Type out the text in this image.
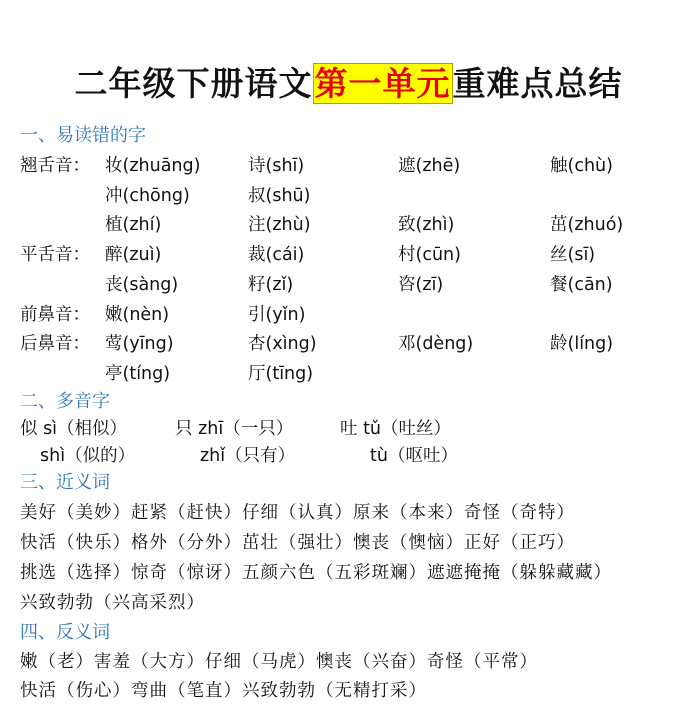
二年级下册语文第一单元重难点总结
一、易读错的字
翘舌音： 妆(zhuāng)	诗(shī)	遮(zhē)	触(chù)
冲(chōng)	叔(shū)
植(zhí)	注(zhù)	致(zhì)	茁(zhuó)
平舌音： 醉(zuì)	裁(cái)	村(cūn)	丝(sī)
丧(sàng)	籽(zǐ)	咨(zī)	餐(cān)
前鼻音： 嫩(nèn)	引(yǐn)
后鼻音： 莺(yīng)	杏(xìng)	邓(dèng)	龄(líng)
亭(tíng)	厅(tīng)
二、多音字
似 sì（相似）	只 zhī（一只）	吐 tǔ（吐丝）
shì（似的）	zhǐ（只有）	tù（呕吐）
三、近义词
美好（美妙）赶紧（赶快）仔细（认真）原来（本来）奇怪（奇特）
快活（快乐）格外（分外）茁壮（强壮）懊丧（懊恼）正好（正巧）
挑选（选择）惊奇（惊讶）五颜六色（五彩斑斓）遮遮掩掩（躲躲藏藏）
兴致勃勃（兴高采烈）
四、反义词
嫩（老）害羞（大方）仔细（马虎）懊丧（兴奋）奇怪（平常）
快活（伤心）弯曲（笔直）兴致勃勃（无精打采）
